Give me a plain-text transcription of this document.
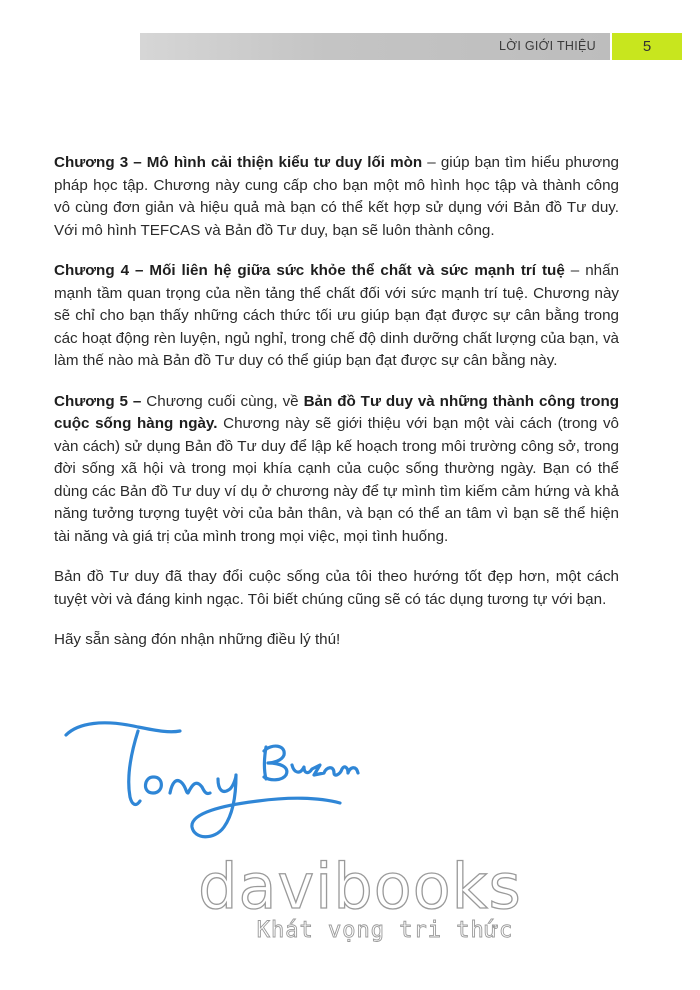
LỜI GIỚI THIỆU	5

Chương 3 – Mô hình cải thiện kiểu tư duy lối mòn – giúp bạn tìm hiểu phương pháp học tập. Chương này cung cấp cho bạn một mô hình học tập và thành công vô cùng đơn giản và hiệu quả mà bạn có thể kết hợp sử dụng với Bản đồ Tư duy. Với mô hình TEFCAS và Bản đồ Tư duy, bạn sẽ luôn thành công.

Chương 4 – Mối liên hệ giữa sức khỏe thể chất và sức mạnh trí tuệ – nhấn mạnh tầm quan trọng của nền tảng thể chất đối với sức mạnh trí tuệ. Chương này sẽ chỉ cho bạn thấy những cách thức tối ưu giúp bạn đạt được sự cân bằng trong các hoạt động rèn luyện, ngủ nghỉ, trong chế độ dinh dưỡng chất lượng của bạn, và làm thế nào mà Bản đồ Tư duy có thể giúp bạn đạt được sự cân bằng này.

Chương 5 – Chương cuối cùng, về Bản đồ Tư duy và những thành công trong cuộc sống hàng ngày. Chương này sẽ giới thiệu với bạn một vài cách (trong vô vàn cách) sử dụng Bản đồ Tư duy để lập kế hoạch trong môi trường công sở, trong đời sống xã hội và trong mọi khía cạnh của cuộc sống thường ngày. Bạn có thể dùng các Bản đồ Tư duy ví dụ ở chương này để tự mình tìm kiếm cảm hứng và khả năng tưởng tượng tuyệt vời của bản thân, và bạn có thể an tâm vì bạn sẽ thể hiện tài năng và giá trị của mình trong mọi việc, mọi tình huống.

Bản đồ Tư duy đã thay đổi cuộc sống của tôi theo hướng tốt đẹp hơn, một cách tuyệt vời và đáng kinh ngạc. Tôi biết chúng cũng sẽ có tác dụng tương tự với bạn.

Hãy sẵn sàng đón nhận những điều lý thú!

davibooks
Khát vọng tri thức
